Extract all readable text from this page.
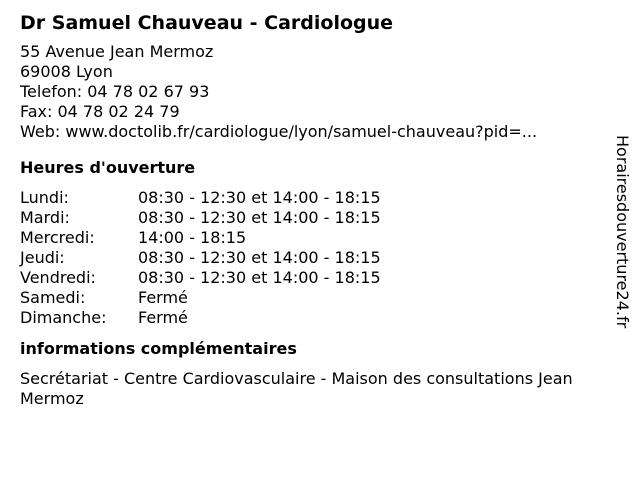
Dr Samuel Chauveau - Cardiologue
55 Avenue Jean Mermoz
69008 Lyon
Telefon: 04 78 02 67 93
Fax: 04 78 02 24 79
Web: www.doctolib.fr/cardiologue/lyon/samuel-chauveau?pid=...
Heures d'ouverture
Lundi:	08:30 - 12:30 et 14:00 - 18:15
Mardi:	08:30 - 12:30 et 14:00 - 18:15
Mercredi:	14:00 - 18:15
Jeudi:	08:30 - 12:30 et 14:00 - 18:15
Vendredi:	08:30 - 12:30 et 14:00 - 18:15
Samedi:	Fermé
Dimanche:	Fermé
informations complémentaires
Secrétariat - Centre Cardiovasculaire - Maison des consultations Jean Mermoz
Horairesdouverture24.fr
